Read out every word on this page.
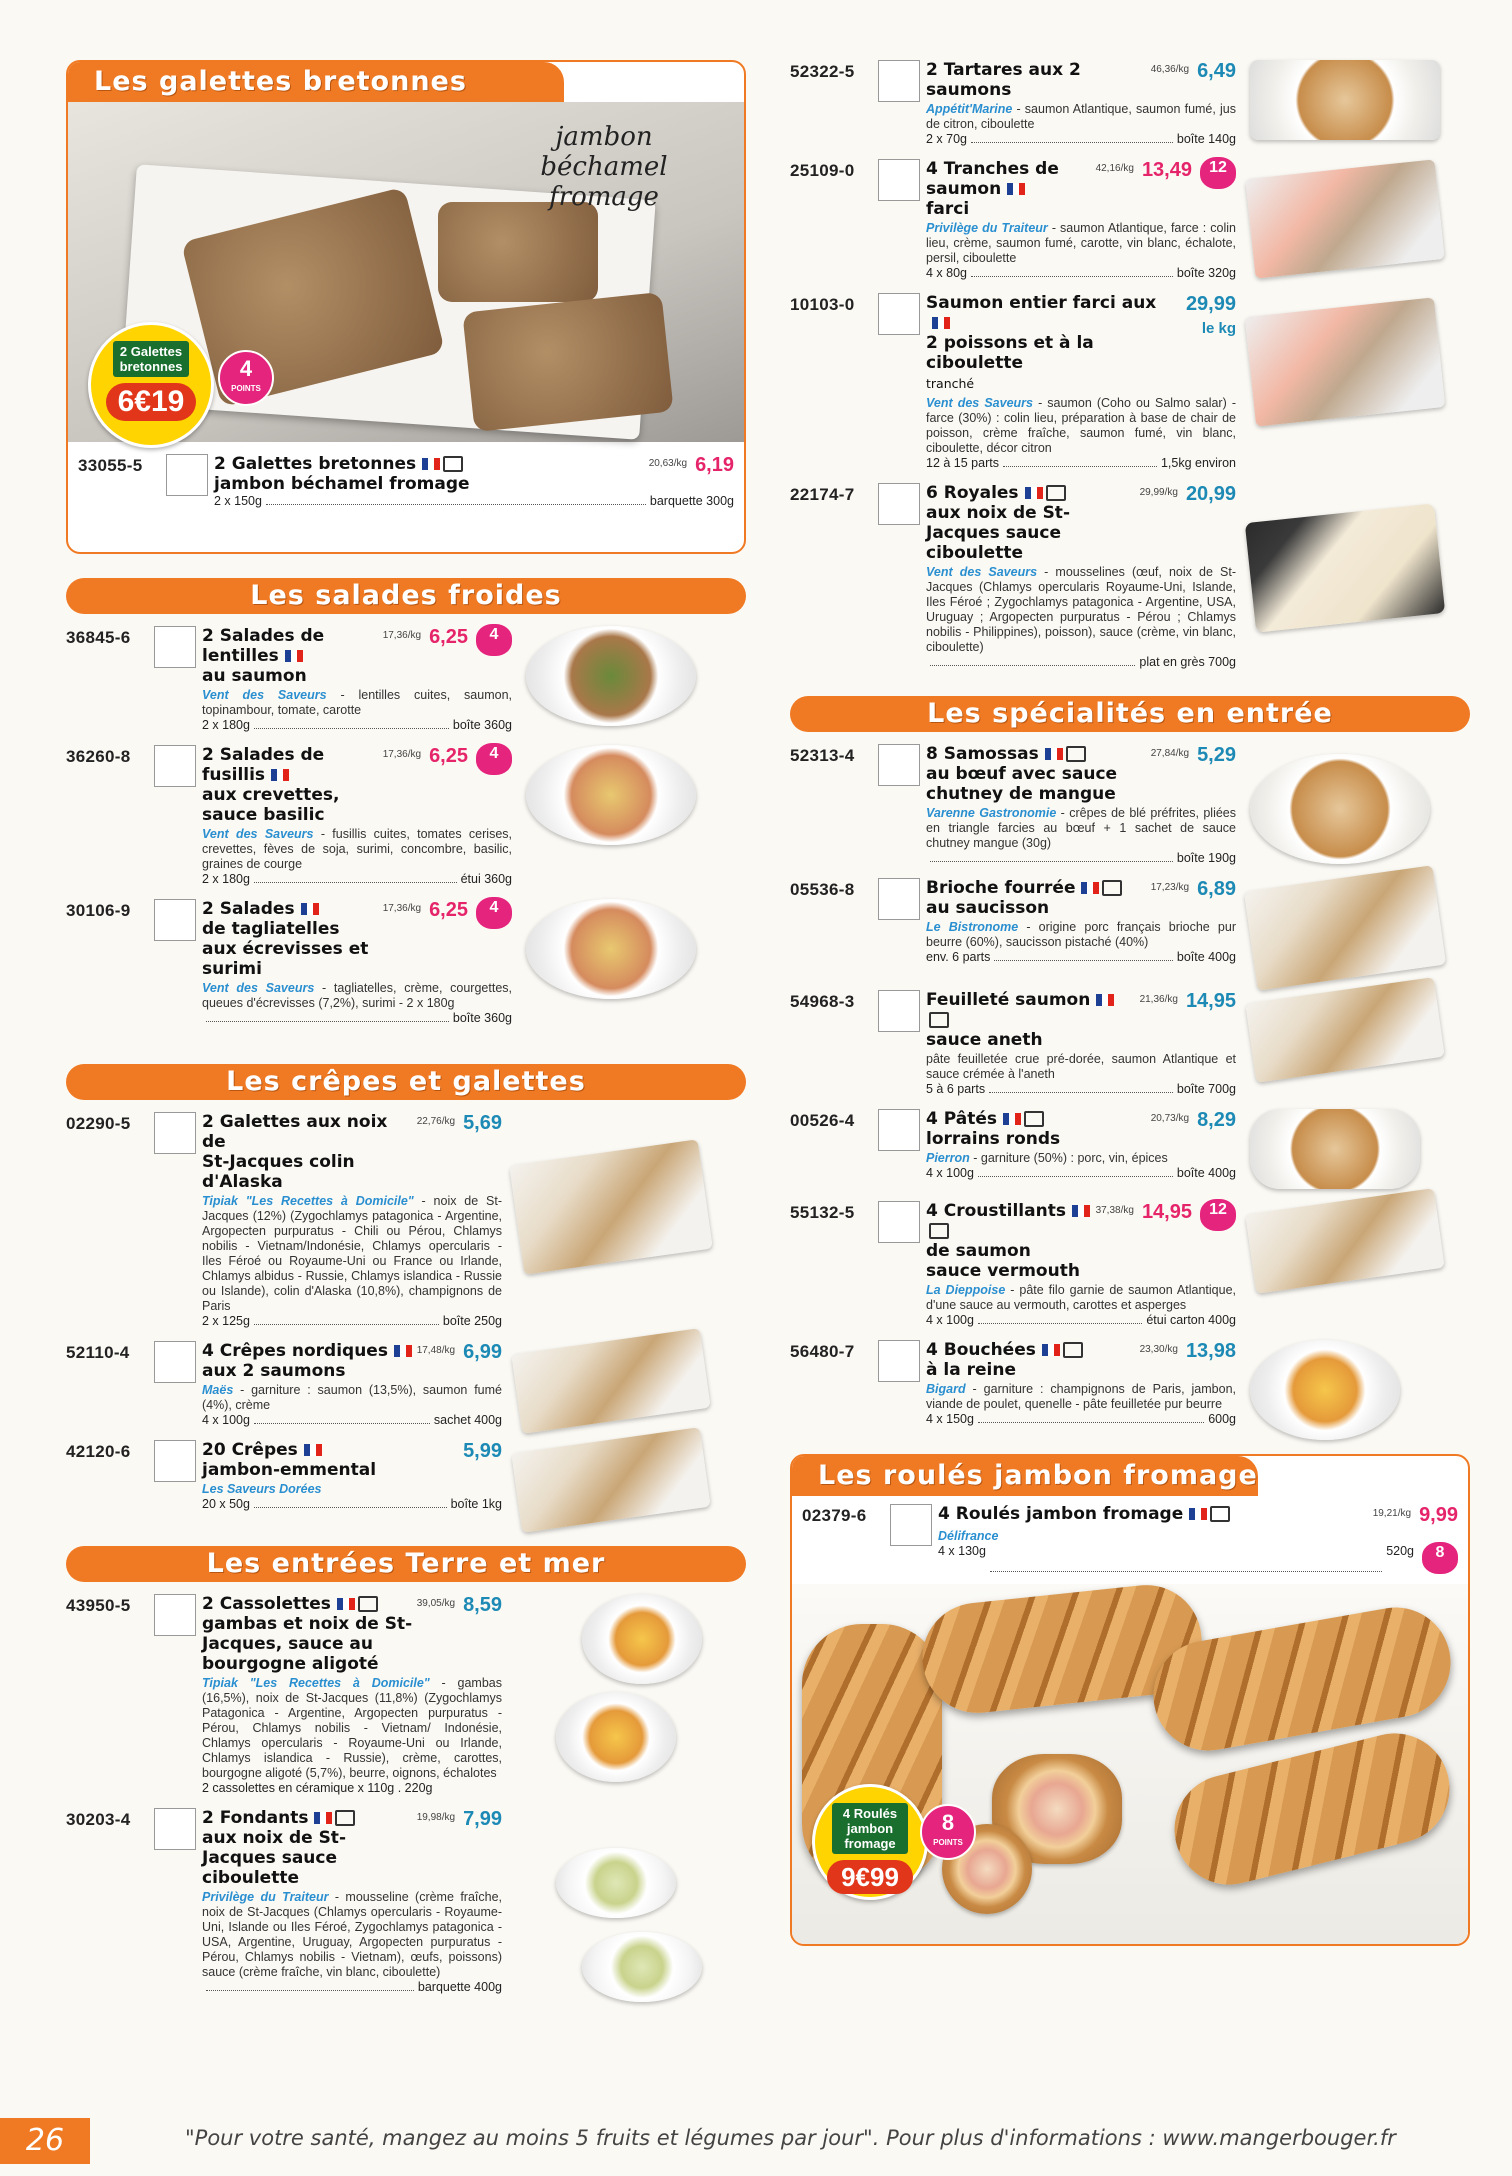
Les galettes bretonnes
jambon béchamel fromage
2 Galettes bretonnes
6€19
4
POINTS
33055-5	2 Galettes bretonnes
jambon béchamel fromage
20,63/kg 6,19
2 x 150g	barquette 300g
Les salades froides
36845-6	2 Salades de lentilles
au saumon
17,36/kg 6,25	4
Vent des Saveurs - lentilles cuites, saumon, topinambour, tomate, carotte
2 x 180g	boîte 360g
36260-8	2 Salades de fusillis
aux crevettes, sauce basilic
17,36/kg 6,25	4
Vent des Saveurs - fusillis cuites, tomates cerises, crevettes, fèves de soja, surimi, concombre, basilic, graines de courge
2 x 180g	étui 360g
30106-9	2 Salades
de tagliatelles aux écrevisses et surimi
17,36/kg 6,25	4
Vent des Saveurs - tagliatelles, crème, courgettes, queues d'écrevisses (7,2%), surimi - 2 x 180g
boîte 360g
Les crêpes et galettes
02290-5	2 Galettes aux noix de
St-Jacques colin d'Alaska
22,76/kg 5,69
Tipiak "Les Recettes à Domicile" - noix de St-Jacques (12%) (Zygochlamys patagonica - Argentine, Argopecten purpuratus - Chili ou Pérou, Chlamys nobilis - Vietnam/Indonésie, Chlamys opercularis - Iles Féroé ou Royaume-Uni ou France ou Irlande, Chlamys albidus - Russie, Chlamys islandica - Russie ou Islande), colin d'Alaska (10,8%), champignons de Paris
2 x 125g	boîte 250g
52110-4	4 Crêpes nordiques
aux 2 saumons
17,48/kg 6,99
Maës - garniture : saumon (13,5%), saumon fumé (4%), crème
4 x 100g	sachet 400g
42120-6	20 Crêpes
jambon-emmental
5,99
Les Saveurs Dorées
20 x 50g	boîte 1kg
Les entrées Terre et mer
43950-5	2 Cassolettes
gambas et noix de St-Jacques, sauce au bourgogne aligoté
39,05/kg 8,59
Tipiak "Les Recettes à Domicile" - gambas (16,5%), noix de St-Jacques (11,8%) (Zygochlamys Patagonica - Argentine, Argopecten purpuratus - Pérou, Chlamys nobilis - Vietnam/ Indonésie, Chlamys opercularis - Royaume-Uni ou Irlande, Chlamys islandica - Russie), crème, carottes, bourgogne aligoté (5,7%), beurre, oignons, échalotes
2 cassolettes en céramique x 110g . 220g
30203-4	2 Fondants
aux noix de St-Jacques sauce ciboulette
19,98/kg 7,99
Privilège du Traiteur - mousseline (crème fraîche, noix de St-Jacques (Chlamys opercularis - Royaume-Uni, Islande ou Iles Féroé, Zygochlamys patagonica - USA, Argentine, Uruguay, Argopecten purpuratus - Pérou, Chlamys nobilis - Vietnam), œufs, poissons) sauce (crème fraîche, vin blanc, ciboulette)
barquette 400g
52322-5	2 Tartares aux 2 saumons
46,36/kg 6,49
Appétit'Marine - saumon Atlantique, saumon fumé, jus de citron, ciboulette
2 x 70g	boîte 140g
25109-0	4 Tranches de saumon
farci
42,16/kg 13,49	12
Privilège du Traiteur - saumon Atlantique, farce : colin lieu, crème, saumon fumé, carotte, vin blanc, échalote, persil, ciboulette
4 x 80g	boîte 320g
10103-0	Saumon entier farci aux
2 poissons et à la ciboulette
tranché
29,99
le kg
Vent des Saveurs - saumon (Coho ou Salmo salar) - farce (30%) : colin lieu, préparation à base de chair de poisson, crème fraîche, saumon fumé, vin blanc, ciboulette, décor citron
12 à 15 parts	1,5kg environ
22174-7	6 Royales
aux noix de St-Jacques sauce ciboulette
29,99/kg 20,99
Vent des Saveurs - mousselines (œuf, noix de St-Jacques (Chlamys opercularis Royaume-Uni, Islande, Iles Féroé ; Zygochlamys patagonica - Argentine, USA, Uruguay ; Argopecten purpuratus - Pérou ; Chlamys nobilis - Philippines), poisson), sauce (crème, vin blanc, ciboulette)
plat en grès 700g
Les spécialités en entrée
52313-4	8 Samossas
au bœuf avec sauce chutney de mangue
27,84/kg 5,29
Varenne Gastronomie - crêpes de blé préfrites, pliées en triangle farcies au bœuf + 1 sachet de sauce chutney mangue (30g)
boîte 190g
05536-8	Brioche fourrée
au saucisson
17,23/kg 6,89
Le Bistronome - origine porc français brioche pur beurre (60%), saucisson pistaché (40%)
env. 6 parts	boîte 400g
54968-3	Feuilleté saumon
sauce aneth
21,36/kg 14,95
pâte feuilletée crue pré-dorée, saumon Atlantique et sauce crémée à l'aneth
5 à 6 parts	boîte 700g
00526-4	4 Pâtés
lorrains ronds
20,73/kg 8,29
Pierron - garniture (50%) : porc, vin, épices
4 x 100g	boîte 400g
55132-5	4 Croustillants
de saumon sauce vermouth
37,38/kg 14,95	12
La Dieppoise - pâte filo garnie de saumon Atlantique, d'une sauce au vermouth, carottes et asperges
4 x 100g	étui carton 400g
56480-7	4 Bouchées
à la reine
23,30/kg 13,98
Bigard - garniture : champignons de Paris, jambon, viande de poulet, quenelle - pâte feuilletée pur beurre
4 x 150g	600g
Les roulés jambon fromage
02379-6	4 Roulés jambon fromage	19,21/kg 9,99
Délifrance
4 x 130g	520g	8
4 Roulés jambon fromage
9€99
8
POINTS
26	"Pour votre santé, mangez au moins 5 fruits et légumes par jour". Pour plus d'informations : www.mangerbouger.fr
